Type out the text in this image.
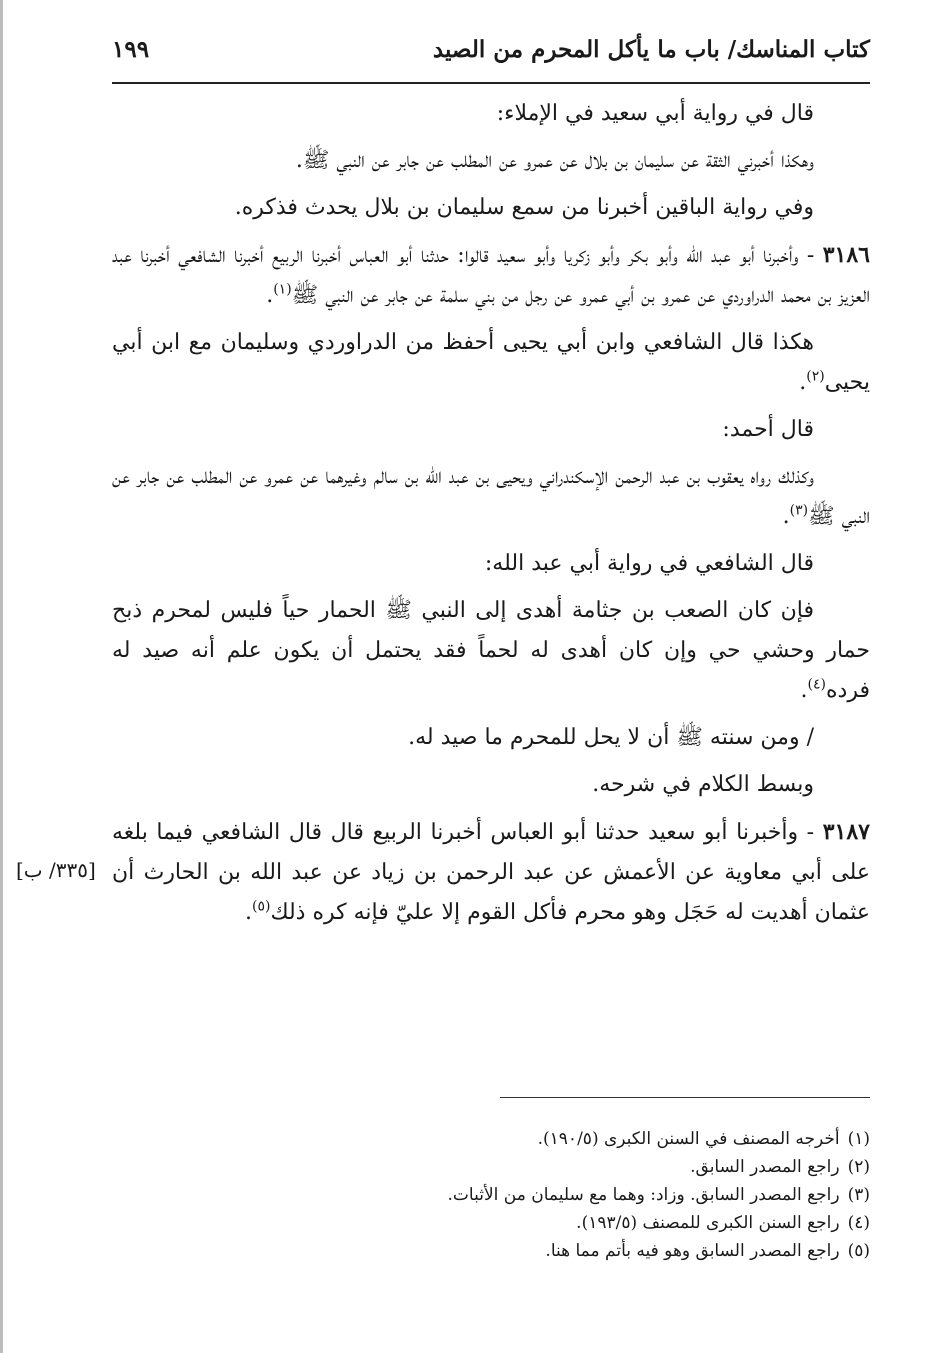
كتاب المناسك/ باب ما يأكل المحرم من الصيد
١٩٩

قال في رواية أبي سعيد في الإملاء:

وهكذا أخبرني الثقة عن سليمان بن بلال عن عمرو عن المطلب عن جابر عن النبي ﷺ.

وفي رواية الباقين أخبرنا من سمع سليمان بن بلال يحدث فذكره.

٣١٨٦ - وأخبرنا أبو عبد الله وأبو بكر وأبو زكريا وأبو سعيد قالوا: حدثنا أبو العباس أخبرنا الربيع أخبرنا الشافعي أخبرنا عبد العزيز بن محمد الدراوردي عن عمرو بن أبي عمرو عن رجل من بني سلمة عن جابر عن النبي ﷺ$^{(١)}$.

هكذا قال الشافعي وابن أبي يحيى أحفظ من الدراوردي وسليمان مع ابن أبي يحيى$^{(٢)}$.

قال أحمد:

وكذلك رواه يعقوب بن عبد الرحمن الإسكندراني ويحيى بن عبد الله بن سالم وغيرهما عن عمرو عن المطلب عن جابر عن النبي ﷺ$^{(٣)}$.

قال الشافعي في رواية أبي عبد الله:

فإن كان الصعب بن جثامة أهدى إلى النبي ﷺ الحمار حياً فليس لمحرم ذبح حمار وحشي حي وإن كان أهدى له لحماً فقد يحتمل أن يكون علم أنه صيد له فرده$^{(٤)}$.

/ ومن سنته ﷺ أن لا يحل للمحرم ما صيد له.

وبسط الكلام في شرحه.

٣١٨٧ - وأخبرنا أبو سعيد حدثنا أبو العباس أخبرنا الربيع قال قال الشافعي فيما بلغه على أبي معاوية عن الأعمش عن عبد الرحمن بن زياد عن عبد الله بن الحارث أن عثمان أهديت له حَجَل وهو محرم فأكل القوم إلا عليّ فإنه كره ذلك$^{(٥)}$.

[٣٣٥/ ب]
(١)أخرجه المصنف في السنن الكبرى (١٩٠/٥).
(٢)راجع المصدر السابق.
(٣)راجع المصدر السابق. وزاد: وهما مع سليمان من الأثبات.
(٤)راجع السنن الكبرى للمصنف (١٩٣/٥).
(٥)راجع المصدر السابق وهو فيه بأتم مما هنا.
